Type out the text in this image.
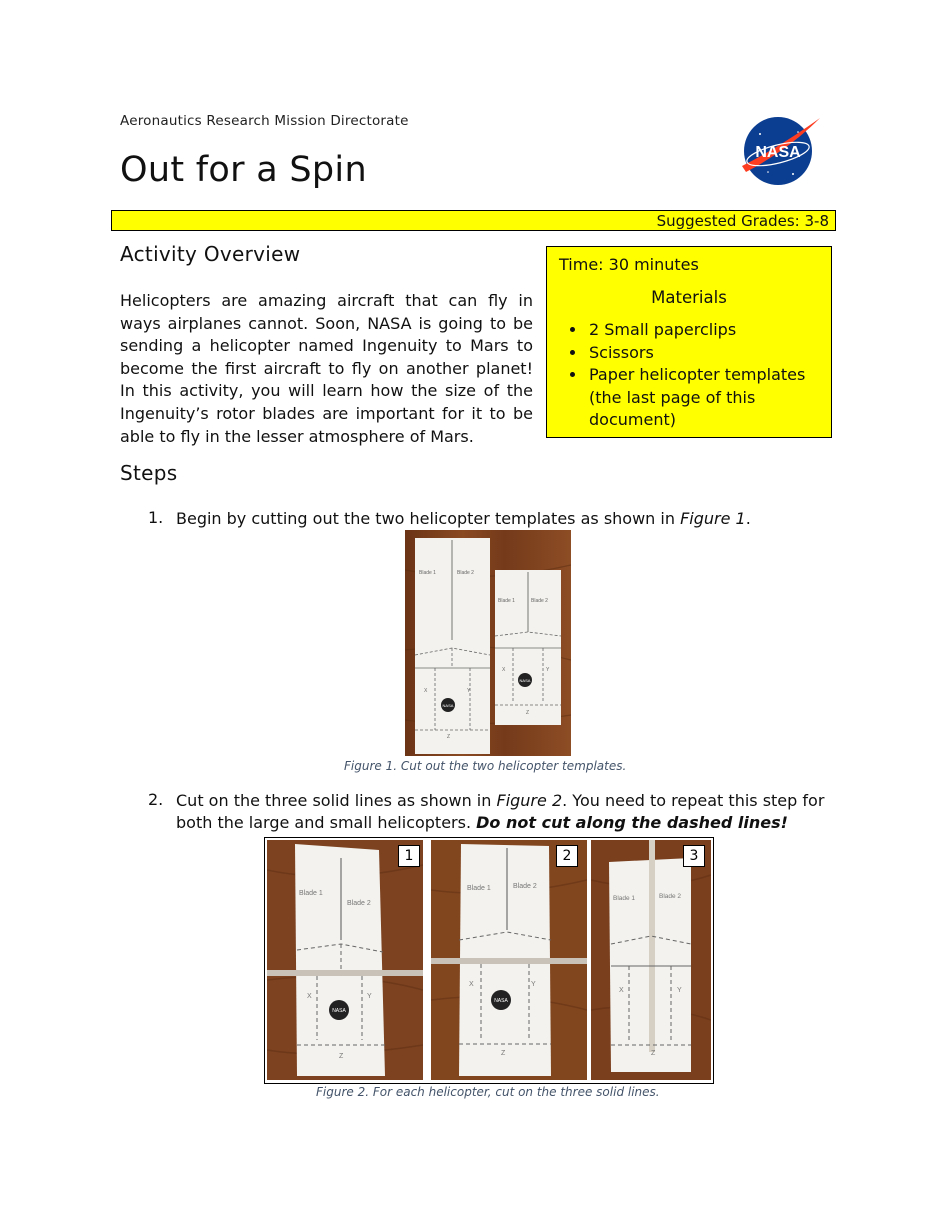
Aeronautics Research Mission Directorate
Out for a Spin	NASA
Suggested Grades: 3-8
Activity Overview

Helicopters are amazing aircraft that can fly in ways airplanes cannot. Soon, NASA is going to be sending a helicopter named Ingenuity to Mars to become the first aircraft to fly on another planet! In this activity, you will learn how the size of the Ingenuity’s rotor blades are important for it to be able to fly in the lesser atmosphere of Mars.

Time: 30 minutes

Materials

• 2 Small paperclips
• Scissors
• Paper helicopter templates (the last page of this document)
Steps
1. Begin by cutting out the two helicopter templates as shown in Figure 1.
NASA
Blade 1	Blade 2
X	Y
Z
NASA
Blade 1	Blade 2
X	Y
Z
Figure 1. Cut out the two helicopter templates.
2. Cut on the three solid lines as shown in Figure 2. You need to repeat this step for both the large and small helicopters. Do not cut along the dashed lines!
NASA
Blade 1
Blade 2
X	Y
Z
1
NASA
Blade 1	Blade 2
X	Y
Z
2
Blade 1	Blade 2
X	Y
Z
3
Figure 2. For each helicopter, cut on the three solid lines.
